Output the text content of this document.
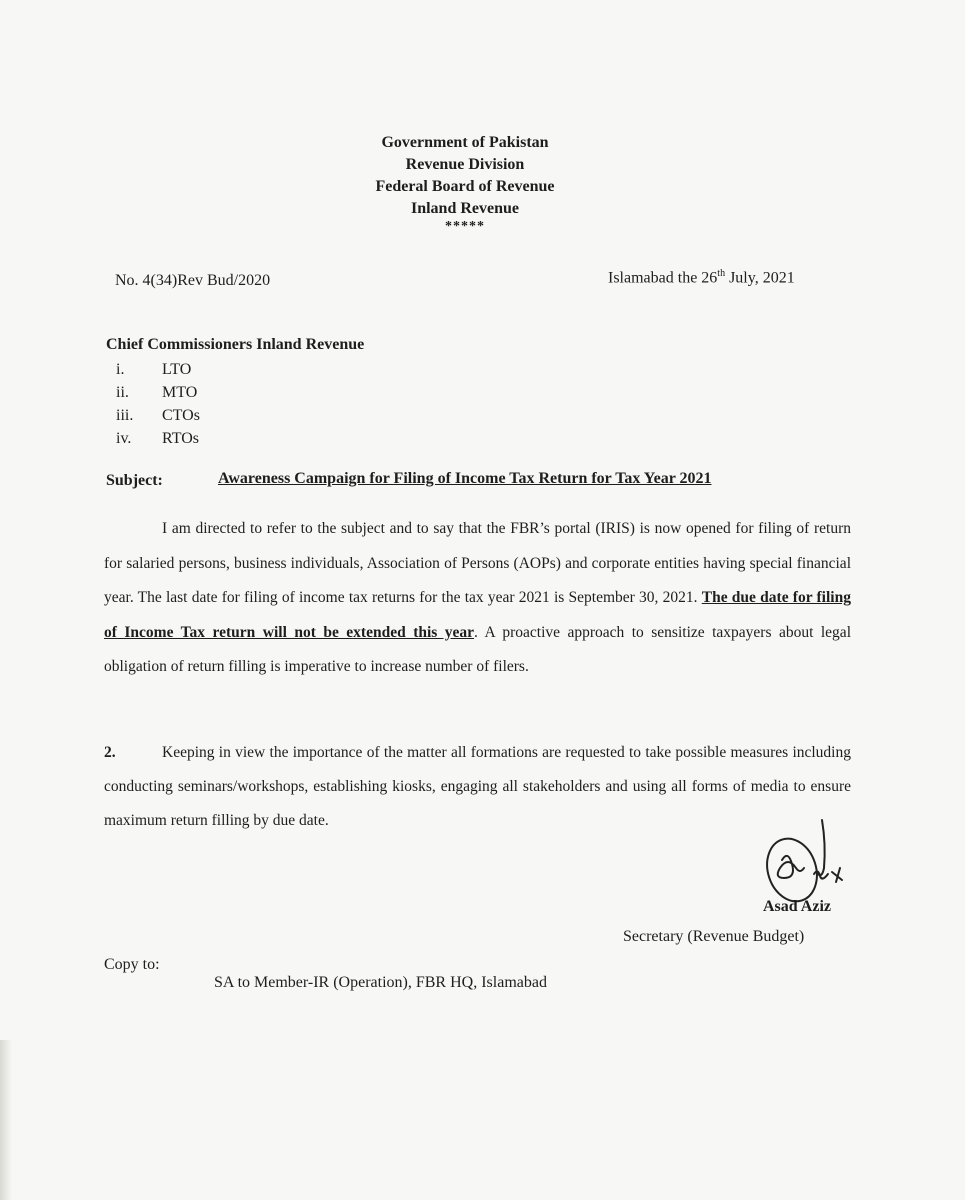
Government of Pakistan
Revenue Division
Federal Board of Revenue
Inland Revenue
*****
No. 4(34)Rev Bud/2020	Islamabad the 26th July, 2021
Chief Commissioners Inland Revenue
i.	LTO
ii.	MTO
iii.	CTOs
iv.	RTOs
Subject:	Awareness Campaign for Filing of Income Tax Return for Tax Year 2021
I am directed to refer to the subject and to say that the FBR’s portal (IRIS) is now opened for filing of return for salaried persons, business individuals, Association of Persons (AOPs) and corporate entities having special financial year. The last date for filing of income tax returns for the tax year 2021 is September 30, 2021. The due date for filing of Income Tax return will not be extended this year. A proactive approach to sensitize taxpayers about legal obligation of return filling is imperative to increase number of filers.
2.	Keeping in view the importance of the matter all formations are requested to take possible measures including conducting seminars/workshops, establishing kiosks, engaging all stakeholders and using all forms of media to ensure maximum return filling by due date.
Asad Aziz
Secretary (Revenue Budget)
Copy to:
SA to Member-IR (Operation), FBR HQ, Islamabad
